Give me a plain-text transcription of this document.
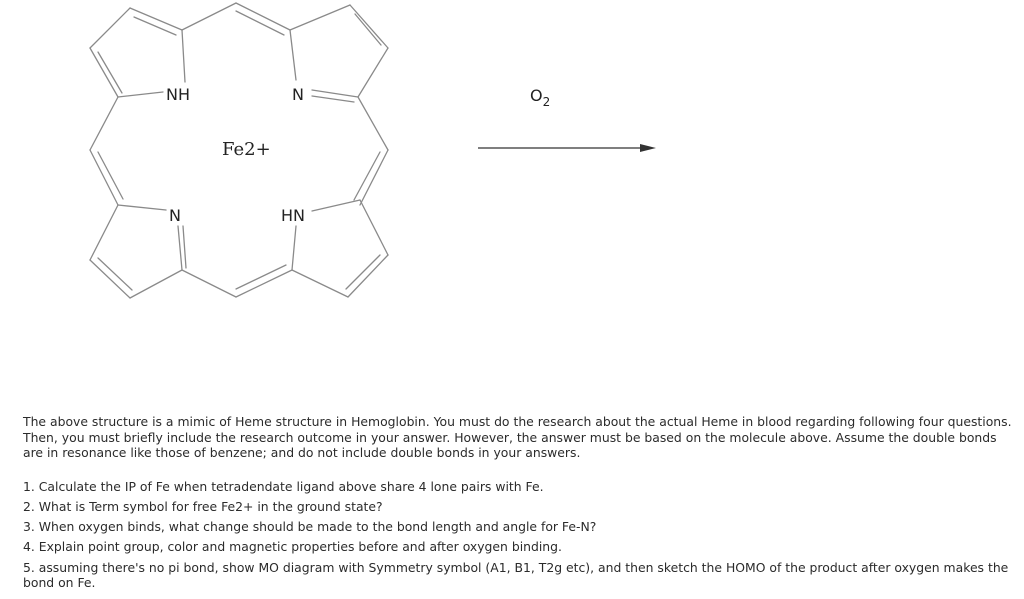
NH	N
Fe2+
N	HN
$O_2$

The above structure is a mimic of Heme structure in Hemoglobin. You must do the research about the actual Heme in blood regarding following four questions. Then, you must briefly include the research outcome in your answer. However, the answer must be based on the molecule above. Assume the double bonds are in resonance like those of benzene; and do not include double bonds in your answers.

1. Calculate the IP of Fe when tetradendate ligand above share 4 lone pairs with Fe.
2. What is Term symbol for free Fe2+ in the ground state?
3. When oxygen binds, what change should be made to the bond length and angle for Fe-N?
4. Explain point group, color and magnetic properties before and after oxygen binding.
5. assuming there's no pi bond, show MO diagram with Symmetry symbol (A1, B1, T2g etc), and then sketch the HOMO of the product after oxygen makes the bond on Fe.
